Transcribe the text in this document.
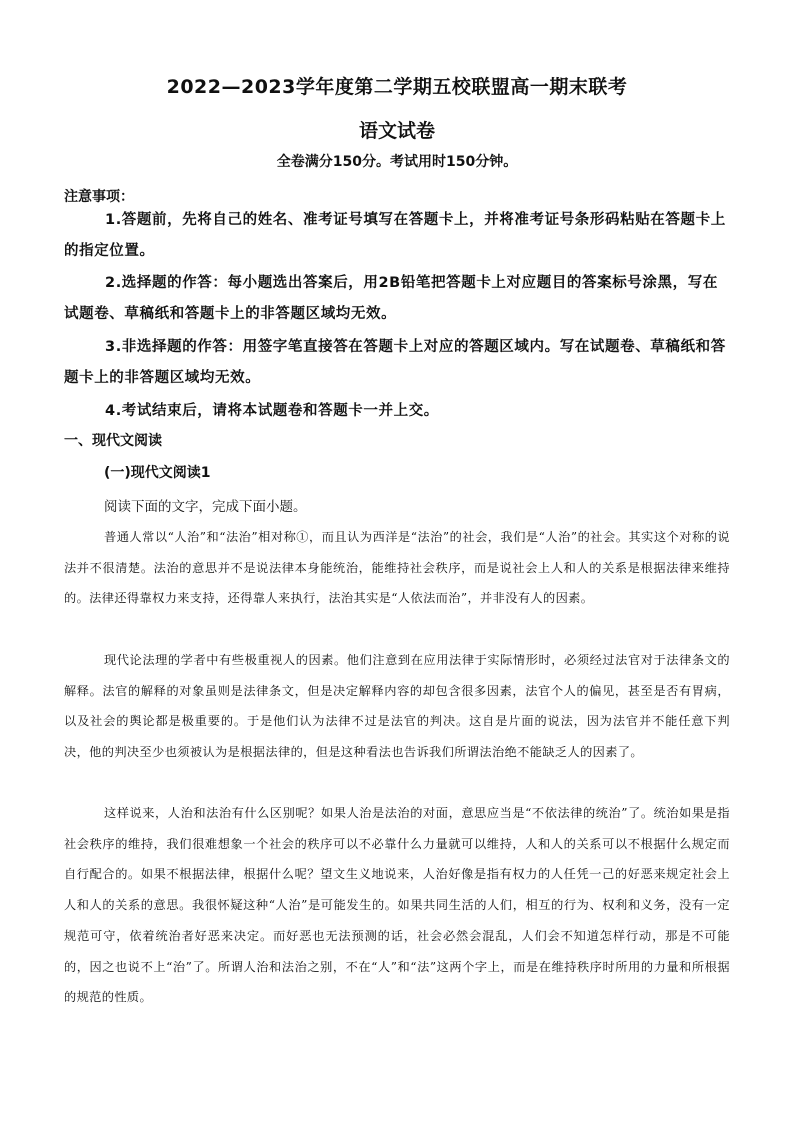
2022—2023学年度第二学期五校联盟高一期末联考
语文试卷
全卷满分150分。考试用时150分钟。
注意事项：
1.答题前，先将自己的姓名、准考证号填写在答题卡上，并将准考证号条形码粘贴在答题卡上的指定位置。
2.选择题的作答：每小题选出答案后，用2B铅笔把答题卡上对应题目的答案标号涂黑，写在试题卷、草稿纸和答题卡上的非答题区域均无效。
3.非选择题的作答：用签字笔直接答在答题卡上对应的答题区域内。写在试题卷、草稿纸和答题卡上的非答题区域均无效。
4.考试结束后，请将本试题卷和答题卡一并上交。
一、现代文阅读
(一)现代文阅读1
阅读下面的文字，完成下面小题。
普通人常以“人治”和“法治”相对称①，而且认为西洋是“法治”的社会，我们是“人治”的社会。其实这个对称的说法并不很清楚。法治的意思并不是说法律本身能统治，能维持社会秩序，而是说社会上人和人的关系是根据法律来维持的。法律还得靠权力来支持，还得靠人来执行，法治其实是“人依法而治”，并非没有人的因素。
现代论法理的学者中有些极重视人的因素。他们注意到在应用法律于实际情形时，必须经过法官对于法律条文的解释。法官的解释的对象虽则是法律条文，但是决定解释内容的却包含很多因素，法官个人的偏见，甚至是否有胃病，以及社会的舆论都是极重要的。于是他们认为法律不过是法官的判决。这自是片面的说法，因为法官并不能任意下判决，他的判决至少也须被认为是根据法律的，但是这种看法也告诉我们所谓法治绝不能缺乏人的因素了。
这样说来，人治和法治有什么区别呢？如果人治是法治的对面，意思应当是“不依法律的统治”了。统治如果是指社会秩序的维持，我们很难想象一个社会的秩序可以不必靠什么力量就可以维持，人和人的关系可以不根据什么规定而自行配合的。如果不根据法律，根据什么呢？望文生义地说来，人治好像是指有权力的人任凭一己的好恶来规定社会上人和人的关系的意思。我很怀疑这种“人治”是可能发生的。如果共同生活的人们，相互的行为、权利和义务，没有一定规范可守，依着统治者好恶来决定。而好恶也无法预测的话，社会必然会混乱，人们会不知道怎样行动，那是不可能的，因之也说不上“治”了。所谓人治和法治之别，不在“人”和“法”这两个字上，而是在维持秩序时所用的力量和所根据的规范的性质。
